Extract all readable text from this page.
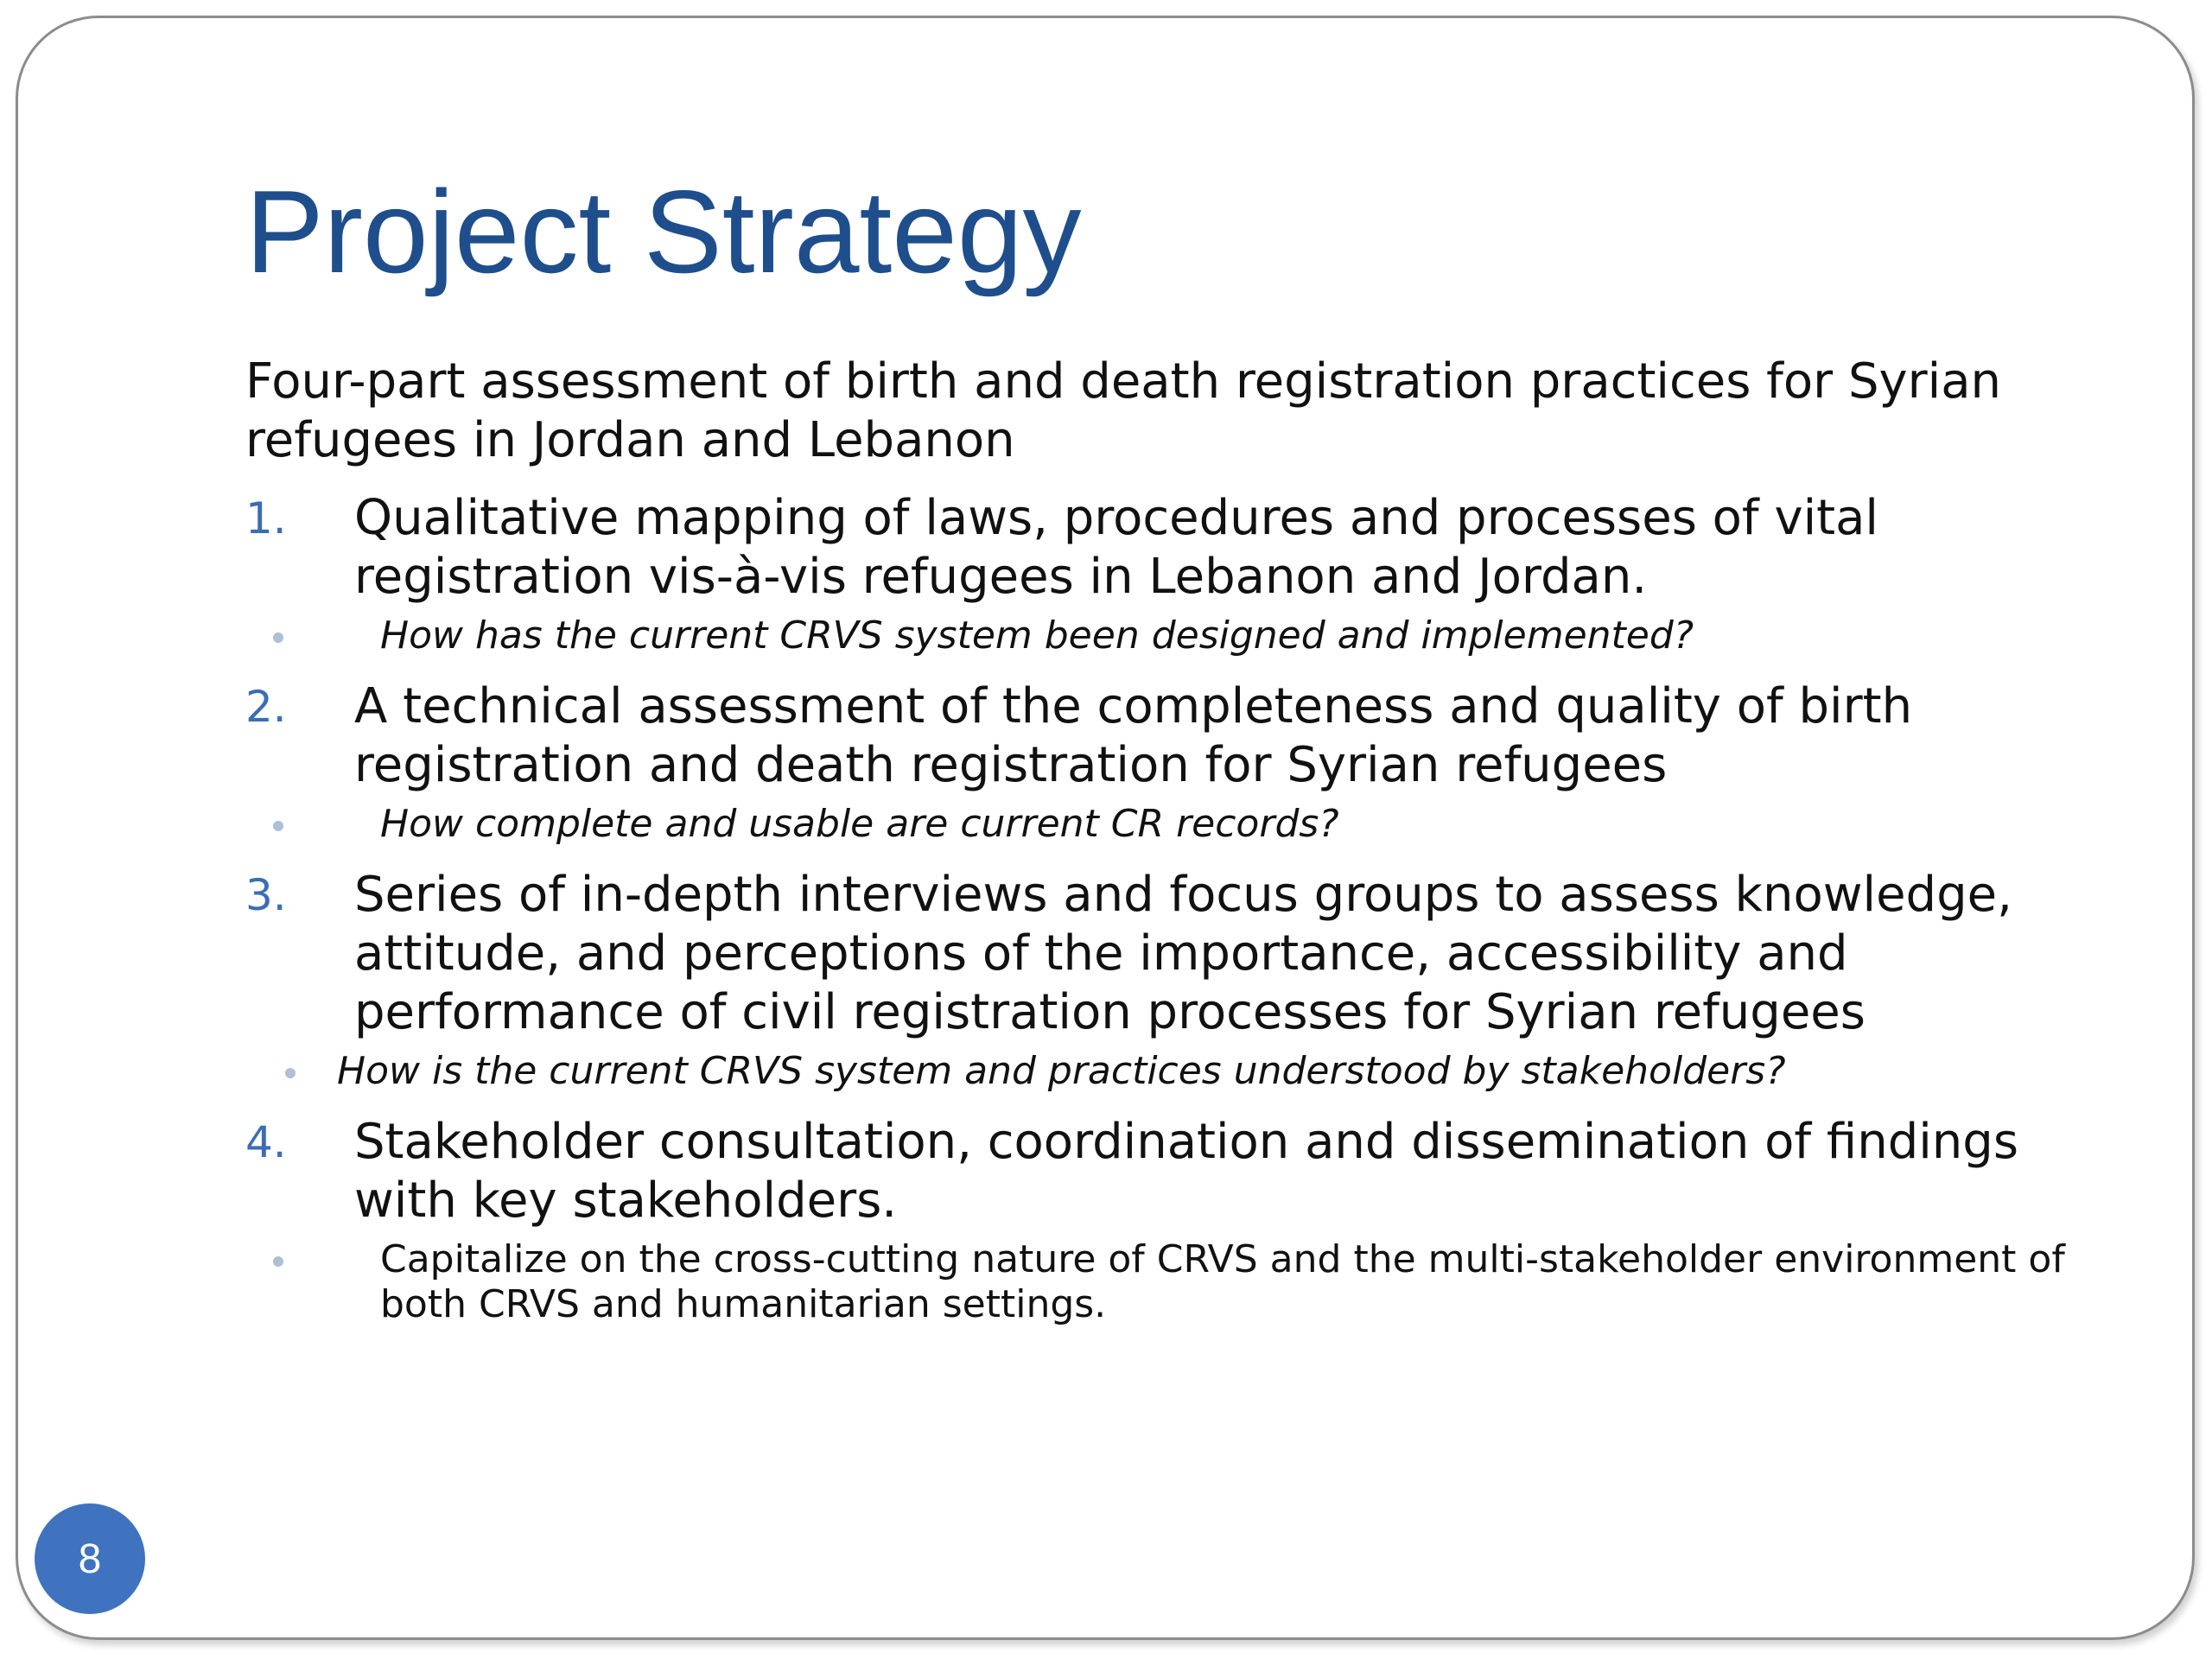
Project Strategy

Four-part assessment of birth and death registration practices for Syrian refugees in Jordan and Lebanon

1. Qualitative mapping of laws, procedures and processes of vital registration vis-à-vis refugees in Lebanon and Jordan.
How has the current CRVS system been designed and implemented?
2. A technical assessment of the completeness and quality of birth registration and death registration for Syrian refugees
How complete and usable are current CR records?
3. Series of in-depth interviews and focus groups to assess knowledge, attitude, and perceptions of the importance, accessibility and performance of civil registration processes for Syrian refugees
How is the current CRVS system and practices understood by stakeholders?
4. Stakeholder consultation, coordination and dissemination of findings with key stakeholders.
Capitalize on the cross-cutting nature of CRVS and the multi-stakeholder environment of both CRVS and humanitarian settings.
8
